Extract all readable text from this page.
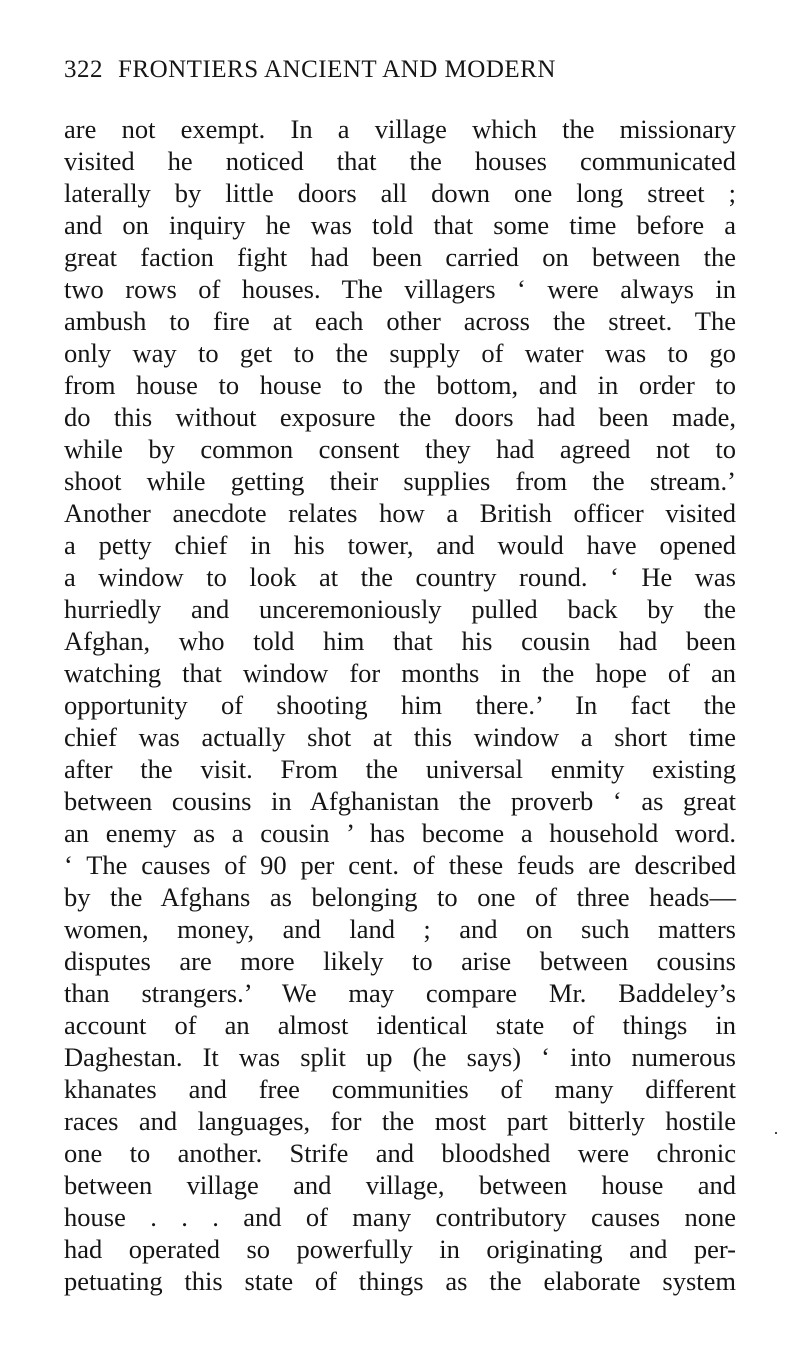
322 FRONTIERS ANCIENT AND MODERN
are not exempt. In a village which the missionary
visited he noticed that the houses communicated
laterally by little doors all down one long street ;
and on inquiry he was told that some time before a
great faction fight had been carried on between the
two rows of houses. The villagers ‘ were always in
ambush to fire at each other across the street. The
only way to get to the supply of water was to go
from house to house to the bottom, and in order to
do this without exposure the doors had been made,
while by common consent they had agreed not to
shoot while getting their supplies from the stream.’
Another anecdote relates how a British officer visited
a petty chief in his tower, and would have opened
a window to look at the country round. ‘ He was
hurriedly and unceremoniously pulled back by the
Afghan, who told him that his cousin had been
watching that window for months in the hope of an
opportunity of shooting him there.’ In fact the
chief was actually shot at this window a short time
after the visit. From the universal enmity existing
between cousins in Afghanistan the proverb ‘ as great
an enemy as a cousin ’ has become a household word.
‘ The causes of 90 per cent. of these feuds are described
by the Afghans as belonging to one of three heads—
women, money, and land ; and on such matters
disputes are more likely to arise between cousins
than strangers.’ We may compare Mr. Baddeley’s
account of an almost identical state of things in
Daghestan. It was split up (he says) ‘ into numerous
khanates and free communities of many different
races and languages, for the most part bitterly hostile
one to another. Strife and bloodshed were chronic
between village and village, between house and
house . . . and of many contributory causes none
had operated so powerfully in originating and per-
petuating this state of things as the elaborate system
